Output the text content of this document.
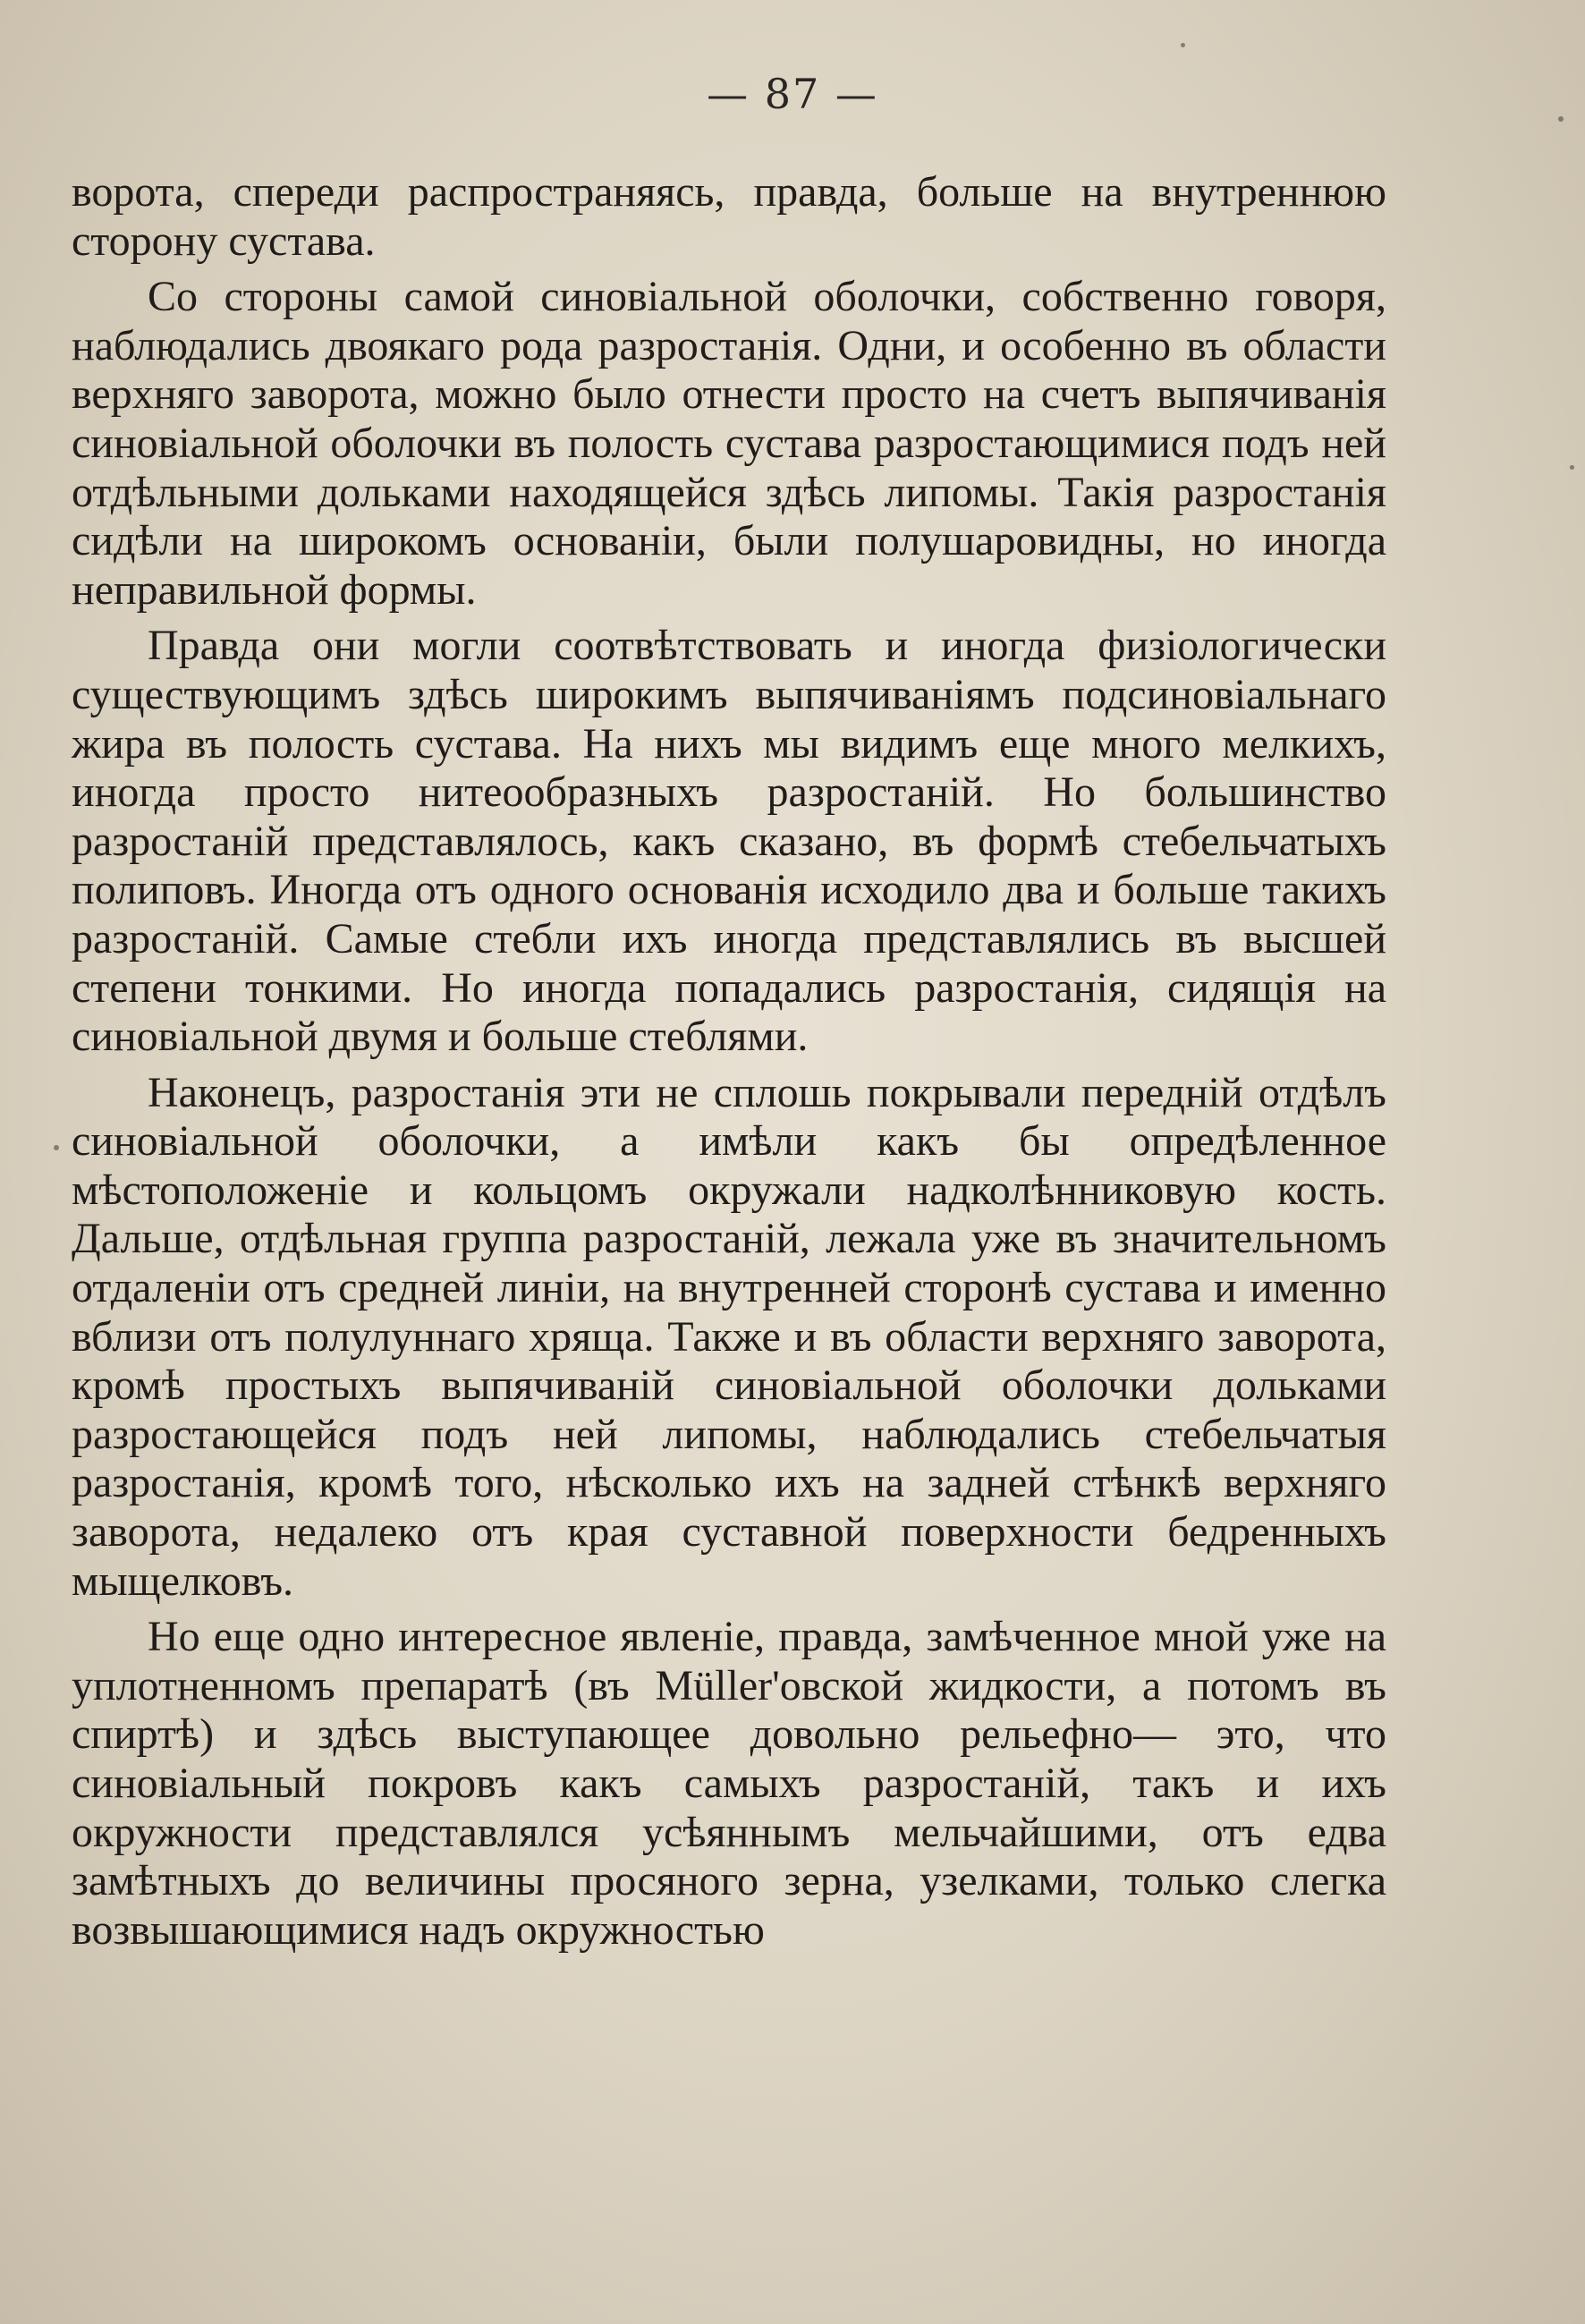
— 87 —

ворота, спереди распространяясь, правда, больше на внутреннюю сторону сустава.

Со стороны самой синовіальной оболочки, собственно говоря, наблюдались двоякаго рода разростанія. Одни, и особенно въ области верхняго заворота, можно было отнести просто на счетъ выпячиванія синовіальной оболочки въ полость сустава разростающимися подъ ней отдѣльными дольками находящейся здѣсь липомы. Такія разростанія сидѣли на широкомъ основаніи, были полушаровидны, но иногда неправильной формы.

Правда они могли соотвѣтствовать и иногда физіологически существующимъ здѣсь широкимъ выпячиваніямъ подсиновіальнаго жира въ полость сустава. На нихъ мы видимъ еще много мелкихъ, иногда просто нитеообразныхъ разростаній. Но большинство разростаній представлялось, какъ сказано, въ формѣ стебельчатыхъ полиповъ. Иногда отъ одного основанія исходило два и больше такихъ разростаній. Самые стебли ихъ иногда представлялись въ высшей степени тонкими. Но иногда попадались разростанія, сидящія на синовіальной двумя и больше стеблями.

Наконецъ, разростанія эти не сплошь покрывали передній отдѣлъ синовіальной оболочки, а имѣли какъ бы опредѣленное мѣстоположеніе и кольцомъ окружали надколѣнниковую кость. Дальше, отдѣльная группа разростаній, лежала уже въ значительномъ отдаленіи отъ средней линіи, на внутренней сторонѣ сустава и именно вблизи отъ полулуннаго хряща. Также и въ области верхняго заворота, кромѣ простыхъ выпячиваній синовіальной оболочки дольками разростающейся подъ ней липомы, наблюдались стебельчатыя разростанія, кромѣ того, нѣсколько ихъ на задней стѣнкѣ верхняго заворота, недалеко отъ края суставной поверхности бедренныхъ мыщелковъ.

Но еще одно интересное явленіе, правда, замѣченное мной уже на уплотненномъ препаратѣ (въ Müller'овской жидкости, а потомъ въ спиртѣ) и здѣсь выступающее довольно рельефно— это, что синовіальный покровъ какъ самыхъ разростаній, такъ и ихъ окружности представлялся усѣяннымъ мельчайшими, отъ едва замѣтныхъ до величины просяного зерна, узелками, только слегка возвышающимися надъ окружностью
